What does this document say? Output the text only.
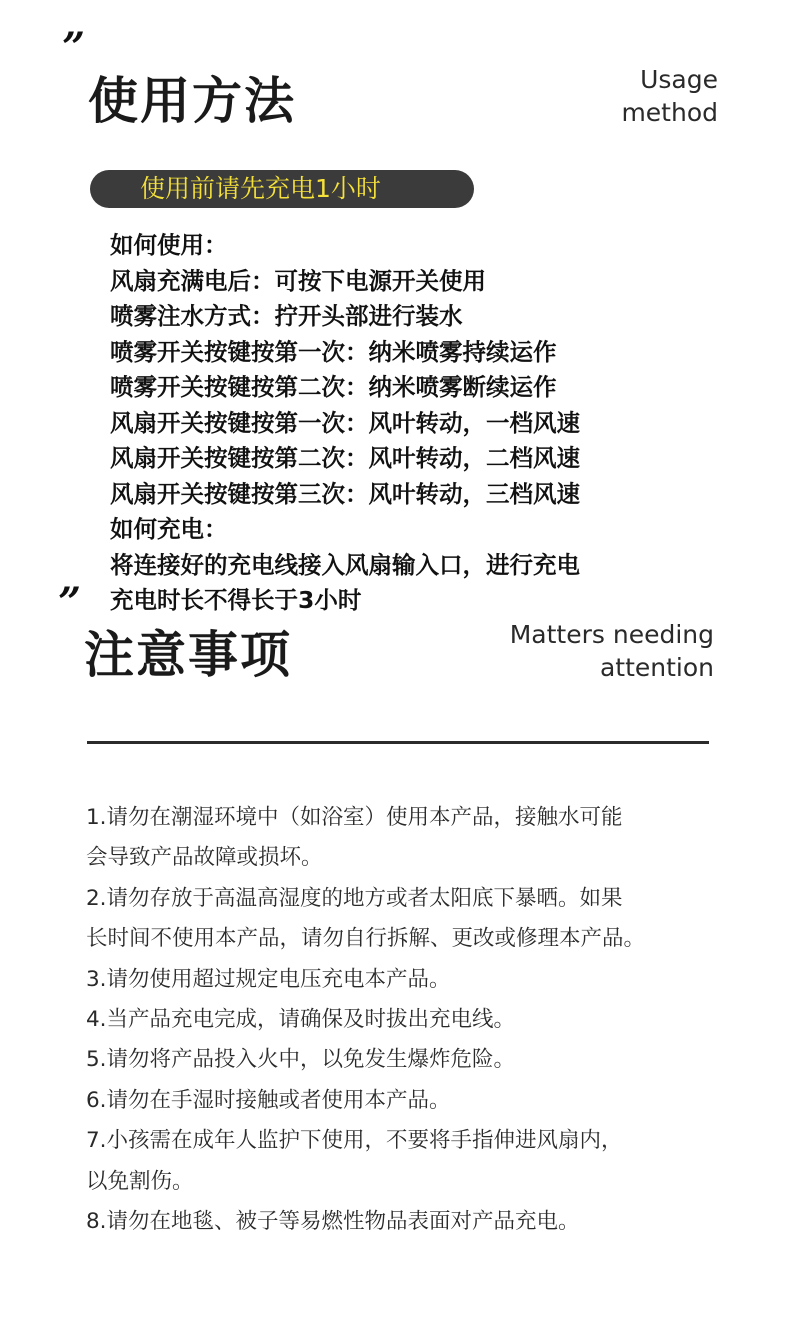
”
使用方法	Usage
method
使用前请先充电1小时
如何使用：
风扇充满电后：可按下电源开关使用
喷雾注水方式：拧开头部进行装水
喷雾开关按键按第一次：纳米喷雾持续运作
喷雾开关按键按第二次：纳米喷雾断续运作
风扇开关按键按第一次：风叶转动，一档风速
风扇开关按键按第二次：风叶转动，二档风速
风扇开关按键按第三次：风叶转动，三档风速
如何充电：
将连接好的充电线接入风扇输入口，进行充电
充电时长不得长于3小时
”
注意事项	Matters needing
attention
1.请勿在潮湿环境中（如浴室）使用本产品，接触水可能
会导致产品故障或损坏。
2.请勿存放于高温高湿度的地方或者太阳底下暴晒。如果
长时间不使用本产品，请勿自行拆解、更改或修理本产品。
3.请勿使用超过规定电压充电本产品。
4.当产品充电完成，请确保及时拔出充电线。
5.请勿将产品投入火中，以免发生爆炸危险。
6.请勿在手湿时接触或者使用本产品。
7.小孩需在成年人监护下使用，不要将手指伸进风扇内，
以免割伤。
8.请勿在地毯、被子等易燃性物品表面对产品充电。
